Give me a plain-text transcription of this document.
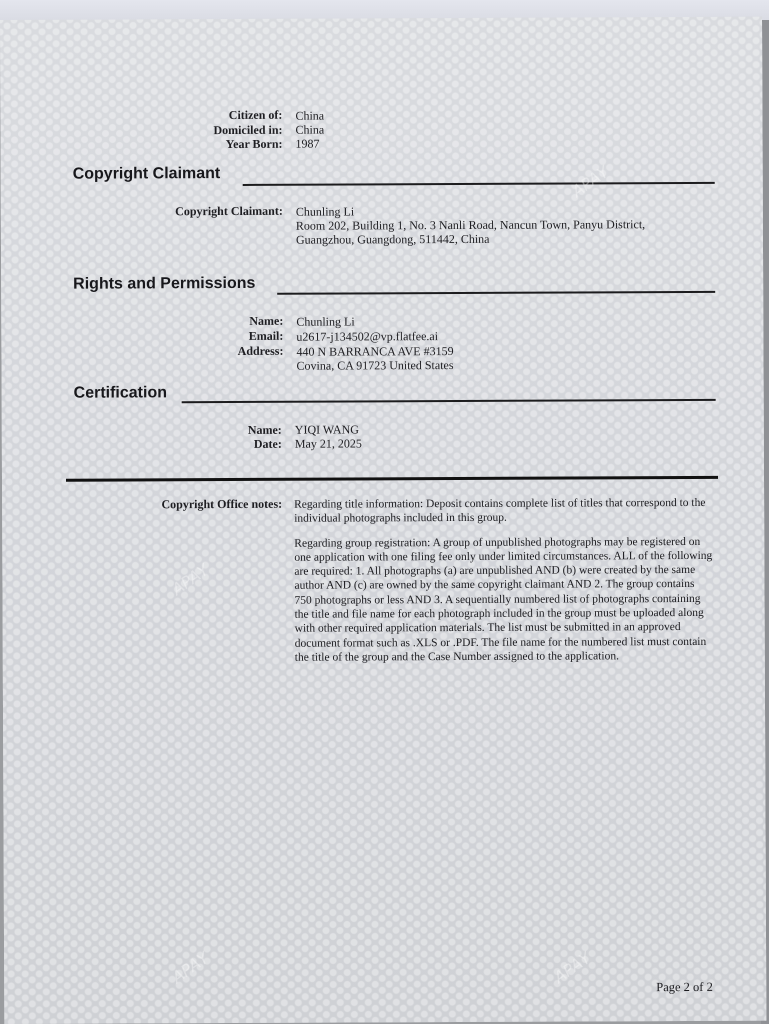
Citizen of: China
Domiciled in: China
Year Born: 1987
Copyright Claimant
Copyright Claimant: Chunling Li
Room 202, Building 1, No. 3 Nanli Road, Nancun Town, Panyu District,
Guangzhou, Guangdong, 511442, China
Rights and Permissions
Name: Chunling Li
Email: u2617-j134502@vp.flatfee.ai
Address: 440 N BARRANCA AVE #3159
Covina, CA 91723 United States
Certification
Name: YIQI WANG
Date: May 21, 2025
Copyright Office notes: Regarding title information: Deposit contains complete list of titles that correspond to the individual photographs included in this group.

Regarding group registration: A group of unpublished photographs may be registered on one application with one filing fee only under limited circumstances. ALL of the following are required: 1. All photographs (a) are unpublished AND (b) were created by the same author AND (c) are owned by the same copyright claimant AND 2. The group contains 750 photographs or less AND 3. A sequentially numbered list of photographs containing the title and file name for each photograph included in the group must be uploaded along with other required application materials. The list must be submitted in an approved document format such as .XLS or .PDF. The file name for the numbered list must contain the title of the group and the Case Number assigned to the application.

Page 2 of 2
APAY
APAY
APAY	APAY
